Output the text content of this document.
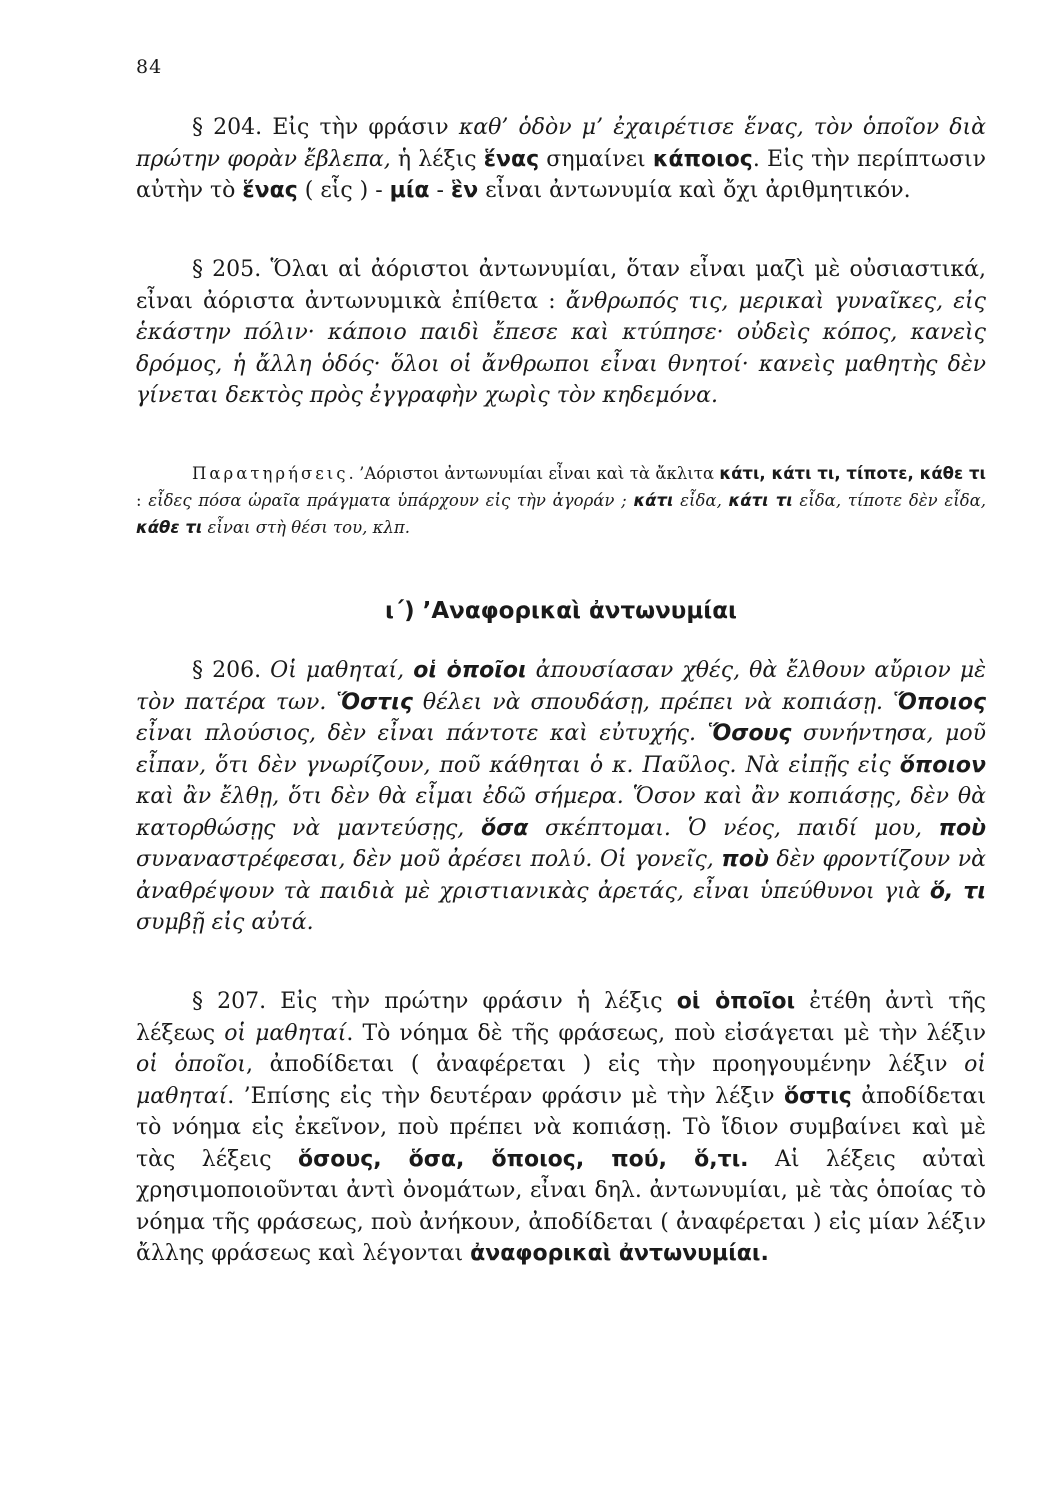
84

§ 204. Εἰς τὴν φράσιν καθ’ ὁδὸν μ’ ἐχαιρέτισε ἕνας, τὸν ὁποῖον διὰ πρώτην φορὰν ἔβλεπα, ἡ λέξις ἕνας σημαίνει κάποιος. Εἰς τὴν περίπτωσιν αὐτὴν τὸ ἕνας ( εἷς ) - μία - ἓν εἶναι ἀντωνυμία καὶ ὄχι ἀριθμητικόν.

§ 205. Ὅλαι αἱ ἀόριστοι ἀντωνυμίαι, ὅταν εἶναι μαζὶ μὲ οὐσιαστικά, εἶναι ἀόριστα ἀντωνυμικὰ ἐπίθετα : ἄνθρωπός τις, μερικαὶ γυναῖκες, εἰς ἑκάστην πόλιν· κάποιο παιδὶ ἔπεσε καὶ κτύπησε· οὐδεὶς κόπος, κανεὶς δρόμος, ἡ ἄλλη ὁδός· ὅλοι οἱ ἄνθρωποι εἶναι θνητοί· κανεὶς μαθητὴς δὲν γίνεται δεκτὸς πρὸς ἐγγραφὴν χωρὶς τὸν κηδεμόνα.

Παρατηρήσεις. ’Αόριστοι ἀντωνυμίαι εἶναι καὶ τὰ ἄκλιτα κάτι, κάτι τι, τίποτε, κάθε τι : εἶδες πόσα ὡραῖα πράγματα ὑπάρχουν εἰς τὴν ἀγοράν ; κάτι εἶδα, κάτι τι εἶδα, τίποτε δὲν εἶδα, κάθε τι εἶναι στὴ θέσι του, κλπ.

ι΄) ’Αναφορικαὶ ἀντωνυμίαι

§ 206. Οἱ μαθηταί, οἱ ὁποῖοι ἀπουσίασαν χθές, θὰ ἔλθουν αὔριον μὲ τὸν πατέρα των. Ὅστις θέλει νὰ σπουδάσῃ, πρέπει νὰ κοπιάσῃ. Ὅποιος εἶναι πλούσιος, δὲν εἶναι πάντοτε καὶ εὐτυχής. Ὅσους συνήντησα, μοῦ εἶπαν, ὅτι δὲν γνωρίζουν, ποῦ κάθηται ὁ κ. Παῦλος. Νὰ εἰπῇς εἰς ὅποιον καὶ ἂν ἔλθῃ, ὅτι δὲν θὰ εἶμαι ἐδῶ σήμερα. Ὅσον καὶ ἂν κοπιάσῃς, δὲν θὰ κατορθώσῃς νὰ μαντεύσῃς, ὅσα σκέπτομαι. Ὁ νέος, παιδί μου, ποὺ συναναστρέφεσαι, δὲν μοῦ ἀρέσει πολύ. Οἱ γονεῖς, ποὺ δὲν φροντίζουν νὰ ἀναθρέψουν τὰ παιδιὰ μὲ χριστιανικὰς ἀρετάς, εἶναι ὑπεύθυνοι γιὰ ὅ, τι συμβῇ εἰς αὐτά.

§ 207. Εἰς τὴν πρώτην φράσιν ἡ λέξις οἱ ὁποῖοι ἐτέθη ἀντὶ τῆς λέξεως οἱ μαθηταί. Τὸ νόημα δὲ τῆς φράσεως, ποὺ εἰσάγεται μὲ τὴν λέξιν οἱ ὁποῖοι, ἀποδίδεται ( ἀναφέρεται ) εἰς τὴν προηγουμένην λέξιν οἱ μαθηταί. ’Επίσης εἰς τὴν δευτέραν φράσιν μὲ τὴν λέξιν ὅστις ἀποδίδεται τὸ νόημα εἰς ἐκεῖνον, ποὺ πρέπει νὰ κοπιάσῃ. Τὸ ἴδιον συμβαίνει καὶ μὲ τὰς λέξεις ὅσους, ὅσα, ὅποιος, πού, ὅ,τι. Αἱ λέξεις αὐταὶ χρησιμοποιοῦνται ἀντὶ ὀνομάτων, εἶναι δηλ. ἀντωνυμίαι, μὲ τὰς ὁποίας τὸ νόημα τῆς φράσεως, ποὺ ἀνήκουν, ἀποδίδεται ( ἀναφέρεται ) εἰς μίαν λέξιν ἄλλης φράσεως καὶ λέγονται ἀναφορικαὶ ἀντωνυμίαι.
